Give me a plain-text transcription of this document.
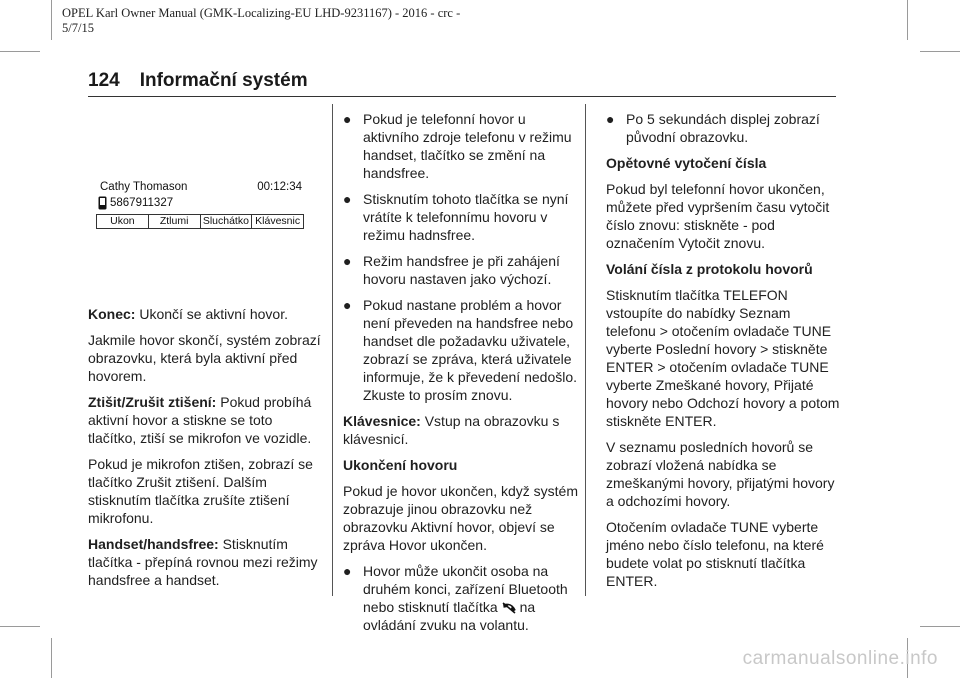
OPEL Karl Owner Manual (GMK-Localizing-EU LHD-9231167) - 2016 - crc -
5/7/15
124 Informační systém
Cathy Thomason	00:12:34
5867911327
Ukon	Ztlumi	Sluchátko Klávesnic

Konec: Ukončí se aktivní hovor.

Jakmile hovor skončí, systém zobrazí obrazovku, která byla aktivní před hovorem.

Ztišit/Zrušit ztišení: Pokud probíhá aktivní hovor a stiskne se toto tlačítko, ztiší se mikrofon ve vozidle.

Pokud je mikrofon ztišen, zobrazí se tlačítko Zrušit ztišení. Dalším stisknutím tlačítka zrušíte ztišení mikrofonu.

Handset/handsfree: Stisknutím tlačítka - přepíná rovnou mezi režimy handsfree a handset.

● Pokud je telefonní hovor u aktivního zdroje telefonu v režimu handset, tlačítko se změní na handsfree.
● Stisknutím tohoto tlačítka se nyní vrátíte k telefonnímu hovoru v režimu hadnsfree.
● Režim handsfree je při zahájení hovoru nastaven jako výchozí.
● Pokud nastane problém a hovor není převeden na handsfree nebo handset dle požadavku uživatele, zobrazí se zpráva, která uživatele informuje, že k převedení nedošlo. Zkuste to prosím znovu.

Klávesnice: Vstup na obrazovku s klávesnicí.

Ukončení hovoru

Pokud je hovor ukončen, když systém zobrazuje jinou obrazovku než obrazovku Aktivní hovor, objeví se zpráva Hovor ukončen.

● Hovor může ukončit osoba na druhém konci, zařízení Bluetooth nebo stisknutí tlačítka na ovládání zvuku na volantu.
● Po 5 sekundách displej zobrazí původní obrazovku.
Opětovné vytočení čísla

Pokud byl telefonní hovor ukončen, můžete před vypršením času vytočit číslo znovu: stiskněte - pod označením Vytočit znovu.

Volání čísla z protokolu hovorů

Stisknutím tlačítka TELEFON vstoupíte do nabídky Seznam telefonu > otočením ovladače TUNE vyberte Poslední hovory > stiskněte ENTER > otočením ovladače TUNE vyberte Zmeškané hovory, Přijaté hovory nebo Odchozí hovory a potom stiskněte ENTER.

V seznamu posledních hovorů se zobrazí vložená nabídka se zmeškanými hovory, přijatými hovory a odchozími hovory.

Otočením ovladače TUNE vyberte jméno nebo číslo telefonu, na které budete volat po stisknutí tlačítka ENTER.

carmanualsonline.info
